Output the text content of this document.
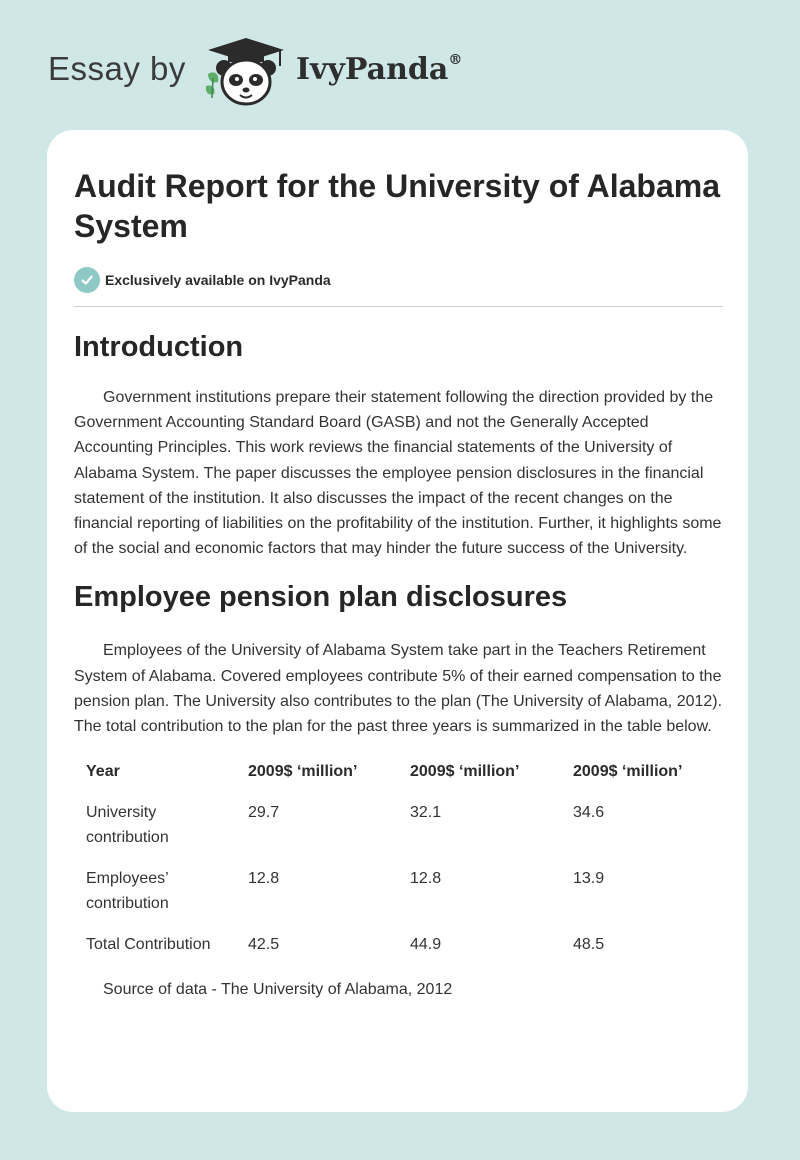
Essay by	IvyPanda®
Audit Report for the University of Alabama System
Exclusively available on IvyPanda
Introduction

Government institutions prepare their statement following the direction provided by the Government Accounting Standard Board (GASB) and not the Generally Accepted Accounting Principles. This work reviews the financial statements of the University of Alabama System. The paper discusses the employee pension disclosures in the financial statement of the institution. It also discusses the impact of the recent changes on the financial reporting of liabilities on the profitability of the institution. Further, it highlights some of the social and economic factors that may hinder the future success of the University.

Employee pension plan disclosures

Employees of the University of Alabama System take part in the Teachers Retirement System of Alabama. Covered employees contribute 5% of their earned compensation to the pension plan. The University also contributes to the plan (The University of Alabama, 2012). The total contribution to the plan for the past three years is summarized in the table below.

Year	2009$ ‘million’	2009$ ‘million’	2009$ ‘million’
University contribution	29.7	32.1	34.6
Employees’ contribution	12.8	12.8	13.9
Total Contribution	42.5	44.9	48.5

Source of data - The University of Alabama, 2012
